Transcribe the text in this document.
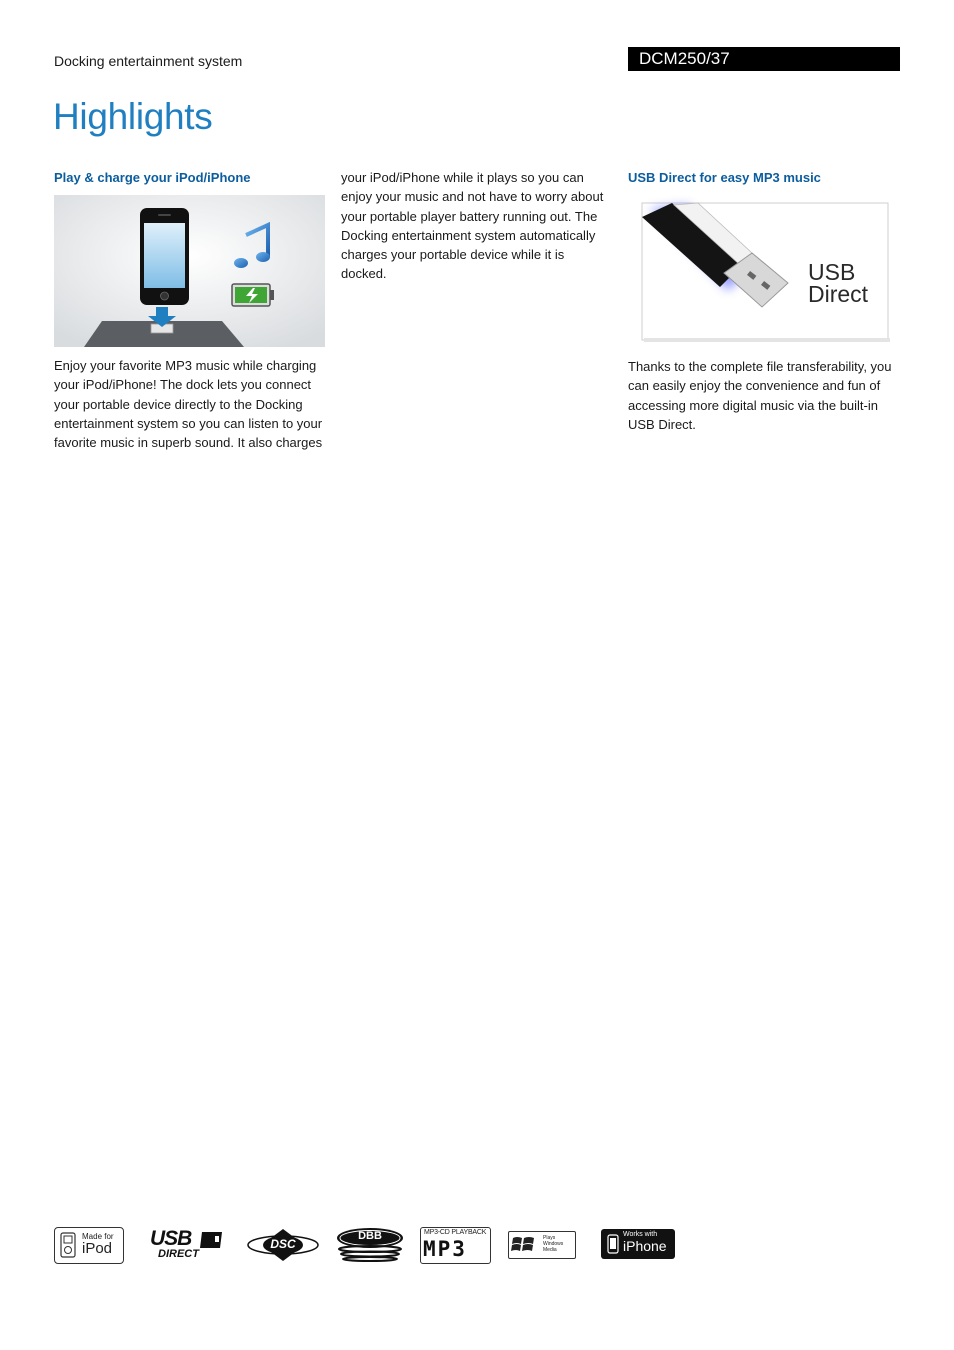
Docking entertainment system	DCM250/37
Highlights
Play & charge your iPod/iPhone

Enjoy your favorite MP3 music while charging your iPod/iPhone! The dock lets you connect your portable device directly to the Docking entertainment system so you can listen to your favorite music in superb sound. It also charges

your iPod/iPhone while it plays so you can enjoy your music and not have to worry about your portable player battery running out. The Docking entertainment system automatically charges your portable device while it is docked.

USB Direct for easy MP3 music
USB
Direct

Thanks to the complete file transferability, you can easily enjoy the convenience and fun of accessing more digital music via the built-in USB Direct.

Made for
iPod USB
DIRECT
DSC
DBB	MP3-CD PLAYBACK
MP3	Plays
Windows
Media
Works with
iPhone
